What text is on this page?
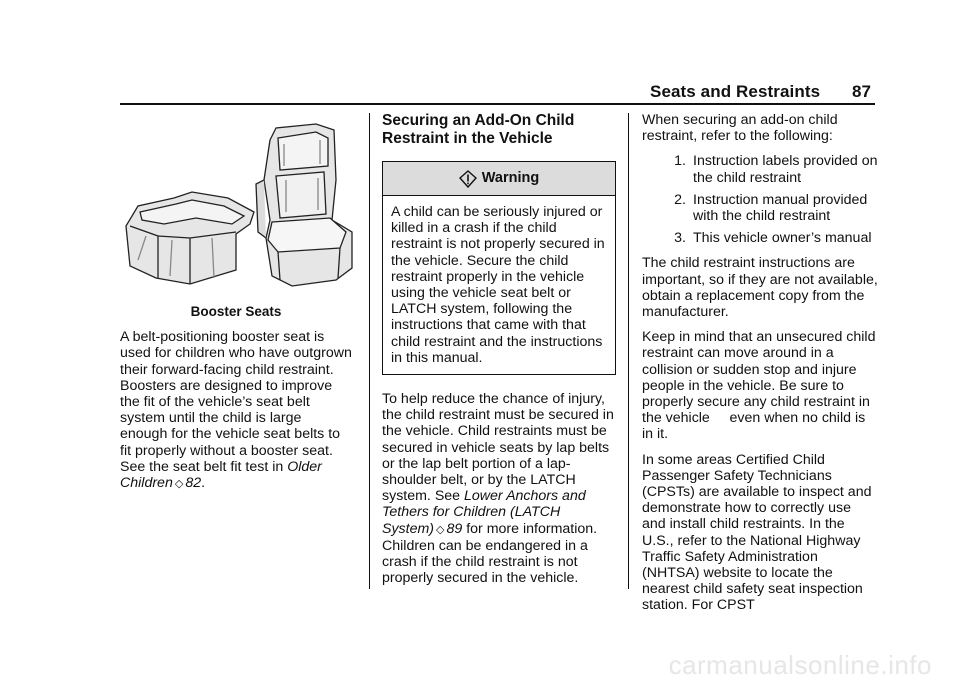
Seats and Restraints 87

Booster Seats

A belt-positioning booster seat is used for children who have outgrown their forward-facing child restraint. Boosters are designed to improve the fit of the vehicle’s seat belt system until the child is large enough for the vehicle seat belts to fit properly without a booster seat. See the seat belt fit test in Older Children ◇ 82.

Securing an Add-On Child Restraint in the Vehicle
Warning
A child can be seriously injured or killed in a crash if the child restraint is not properly secured in the vehicle. Secure the child restraint properly in the vehicle using the vehicle seat belt or LATCH system, following the instructions that came with that child restraint and the instructions in this manual.

To help reduce the chance of injury, the child restraint must be secured in the vehicle. Child restraints must be secured in vehicle seats by lap belts or the lap belt portion of a lap-shoulder belt, or by the LATCH system. See Lower Anchors and Tethers for Children (LATCH System) ◇ 89 for more information. Children can be endangered in a crash if the child restraint is not properly secured in the vehicle.

When securing an add-on child restraint, refer to the following:

1. Instruction labels provided on the child restraint
2. Instruction manual provided with the child restraint
3. This vehicle owner’s manual

The child restraint instructions are important, so if they are not available, obtain a replacement copy from the manufacturer.

Keep in mind that an unsecured child restraint can move around in a collision or sudden stop and injure people in the vehicle. Be sure to properly secure any child restraint in the vehicle     even when no child is in it.

In some areas Certified Child Passenger Safety Technicians (CPSTs) are available to inspect and demonstrate how to correctly use and install child restraints. In the U.S., refer to the National Highway Traffic Safety Administration (NHTSA) website to locate the nearest child safety seat inspection station. For CPST

carmanualsonline.info
